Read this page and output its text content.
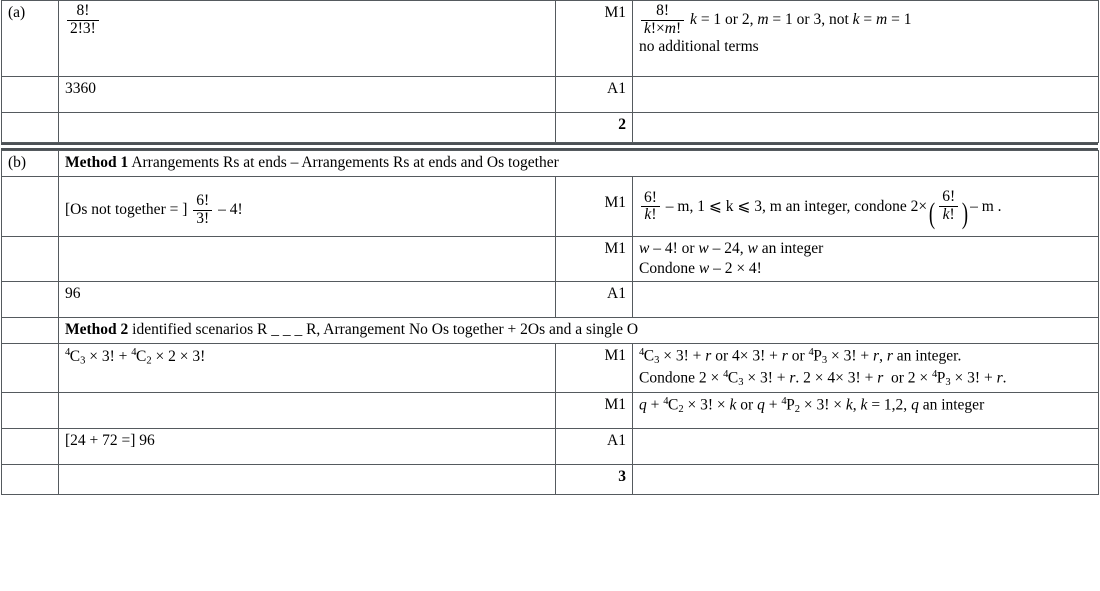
(a)	$\frac{8!}{2!3!}$	M1	$\frac{8!}{k!\times m!}$ k = 1 or 2, m = 1 or 3, not k = m = 1
no additional terms

	3360	A1	
		2	
(b)	Method 1 Arrangements Rs at ends – Arrangements Rs at ends and Os together		

[Os not together = ] $\frac{6!}{3!} - 4$!	M1	$\frac{6!}{k!}$ – m, 1 ⩽ k ⩽ 3, m an integer, condone $2\times( \frac{6!}{k!}$ ) – m .

		M1	w – 4! or w – 24, w an integer
Condone w – 2 × 4!

	96	A1	
	Method 2 identified scenarios R _ _ _ R, Arrangement No Os together + 2Os and a single O		
	$^4C_3 \times 3$! + $^4C_2 \times 2 \times 3$!	M1	$^4C_3 \times 3$! + r or 4× 3! + r or $^4P_3 \times 3$! + r, r an integer.
Condone $2 \times ^4C_3 \times 3$! + r. 2 × 4× 3! + r  or $2 \times ^4P_3 \times 3$! + r.

		M1	$q + ^4C_2 \times 3$! × k or $q + ^4P_2 \times 3$! × k, k = 1,2, q an integer

	[24 + 72 =] 96	A1	
		3	
